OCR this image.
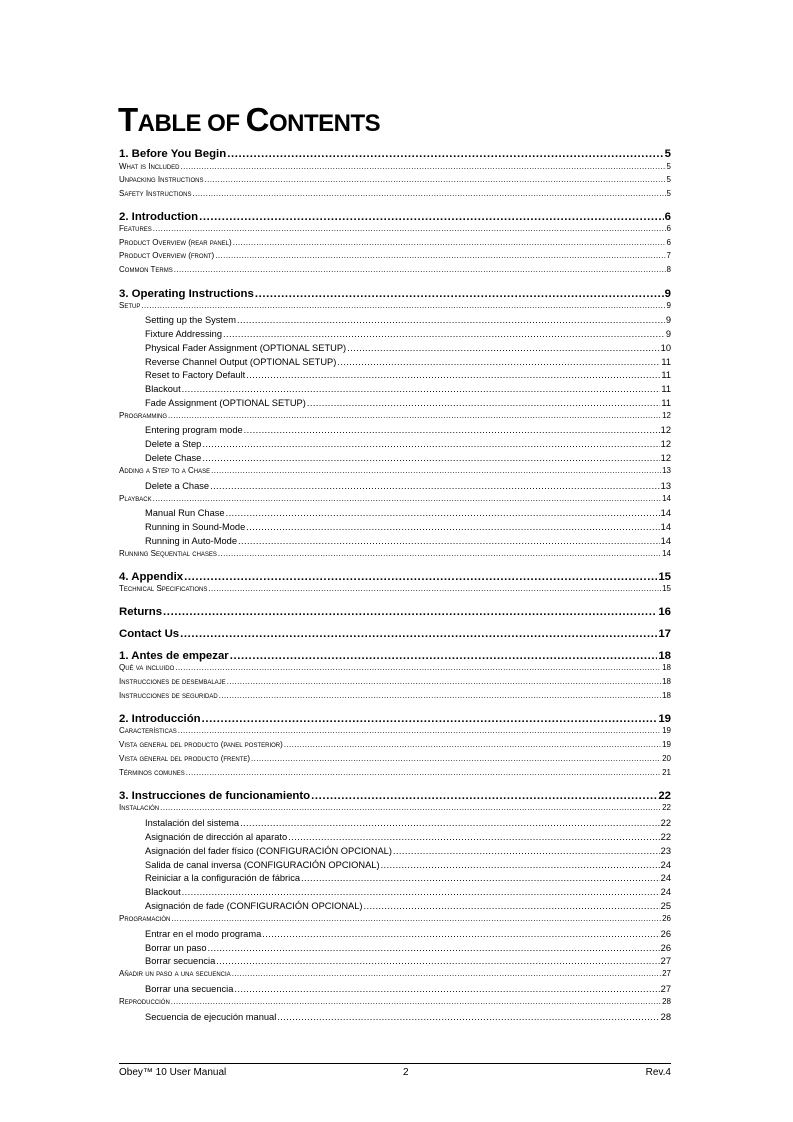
TABLE OF CONTENTS
1. Before You Begin .....	5
What is Included .....	5
Unpacking Instructions .....	5
Safety Instructions .....	5
2. Introduction .....	6
Features .....	6
Product Overview (rear panel) .....	6
Product Overview (front) .....	7
Common Terms .....	8
3. Operating Instructions .....	9
Setup .....	9
Setting up the System .....	9
Fixture Addressing .....	9
Physical Fader Assignment (OPTIONAL SETUP) .....	10
Reverse Channel Output (OPTIONAL SETUP) .....	11
Reset to Factory Default .....	11
Blackout .....	11
Fade Assignment (OPTIONAL SETUP) .....	11
Programming .....	12
Entering program mode .....	12
Delete a Step .....	12
Delete Chase .....	12
Adding a Step to a Chase .....	13
Delete a Chase .....	13
Playback .....	14
Manual Run Chase .....	14
Running in Sound-Mode .....	14
Running in Auto-Mode .....	14
Running Sequential chases .....	14
4. Appendix .....	15
Technical Specifications .....	15
Returns .....	16
Contact Us .....	17
1. Antes de empezar .....	18
Qué va incluido .....	18
Instrucciones de desembalaje .....	18
Instrucciones de seguridad .....	18
2. Introducción .....	19
Características .....	19
Vista general del producto (panel posterior) .....	19
Vista general del producto (frente) .....	20
Términos comunes .....	21
3. Instrucciones de funcionamiento .....	22
Instalación .....	22
Instalación del sistema .....	22
Asignación de dirección al aparato .....	22
Asignación del fader físico (CONFIGURACIÓN OPCIONAL) .....	23
Salida de canal inversa (CONFIGURACIÓN OPCIONAL) .....	24
Reiniciar a la configuración de fábrica .....	24
Blackout .....	24
Asignación de fade (CONFIGURACIÓN OPCIONAL) .....	25
Programación .....	26
Entrar en el modo programa .....	26
Borrar un paso .....	26
Borrar secuencia .....	27
Añadir un paso a una secuencia .....	27
Borrar una secuencia .....	27
Reproducción .....	28
Secuencia de ejecución manual .....	28
Obey™ 10 User Manual	2	Rev.4
